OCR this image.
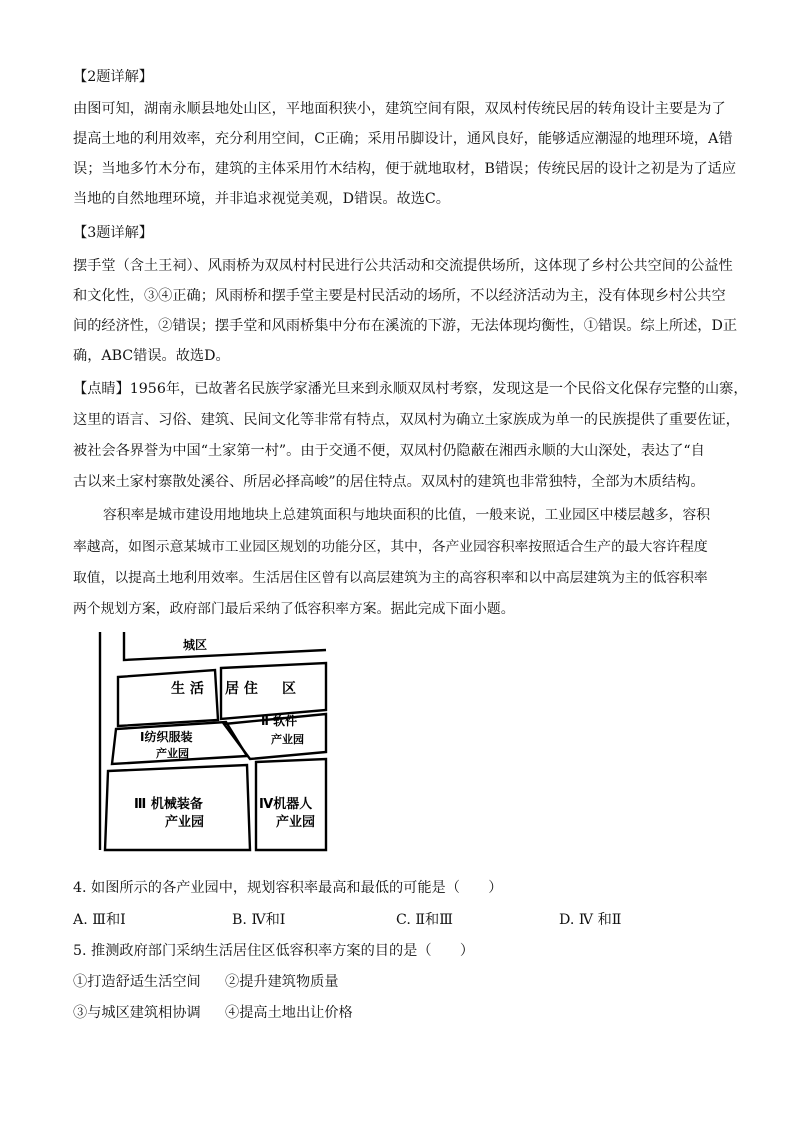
【2题详解】
由图可知，湖南永顺县地处山区，平地面积狭小，建筑空间有限，双凤村传统民居的转角设计主要是为了
提高土地的利用效率，充分利用空间，C正确；采用吊脚设计，通风良好，能够适应潮湿的地理环境，A错
误；当地多竹木分布，建筑的主体采用竹木结构，便于就地取材，B错误；传统民居的设计之初是为了适应
当地的自然地理环境，并非追求视觉美观，D错误。故选C。
【3题详解】
摆手堂（含土王祠）、风雨桥为双凤村村民进行公共活动和交流提供场所，这体现了乡村公共空间的公益性
和文化性，③④正确；风雨桥和摆手堂主要是村民活动的场所，不以经济活动为主，没有体现乡村公共空
间的经济性，②错误；摆手堂和风雨桥集中分布在溪流的下游，无法体现均衡性，①错误。综上所述，D正
确，ABC错误。故选D。
【点睛】1956年，已故著名民族学家潘光旦来到永顺双凤村考察，发现这是一个民俗文化保存完整的山寨，
这里的语言、习俗、建筑、民间文化等非常有特点，双凤村为确立土家族成为单一的民族提供了重要佐证，
被社会各界誉为中国“土家第一村”。由于交通不便，双凤村仍隐蔽在湘西永顺的大山深处，表达了“自
古以来土家村寨散处溪谷、所居必择高峻”的居住特点。双凤村的建筑也非常独特，全部为木质结构。
容积率是城市建设用地地块上总建筑面积与地块面积的比值，一般来说，工业园区中楼层越多，容积
率越高，如图示意某城市工业园区规划的功能分区，其中，各产业园容积率按照适合生产的最大容许程度
取值，以提高土地利用效率。生活居住区曾有以高层建筑为主的高容积率和以中高层建筑为主的低容积率
两个规划方案，政府部门最后采纳了低容积率方案。据此完成下面小题。
城区
生 活 居 住 区
Ⅰ纺织服装
产业园
Ⅱ 软件
产业园
Ⅲ 机械装备
产业园
Ⅳ机器人
产业园
4. 如图所示的各产业园中，规划容积率最高和最低的可能是（　　）
A. Ⅲ和Ⅰ	B. Ⅳ和Ⅰ	C. Ⅱ和Ⅲ	D. Ⅳ 和Ⅱ
5. 推测政府部门采纳生活居住区低容积率方案的目的是（　　）
①打造舒适生活空间 ②提升建筑物质量
③与城区建筑相协调 ④提高土地出让价格
